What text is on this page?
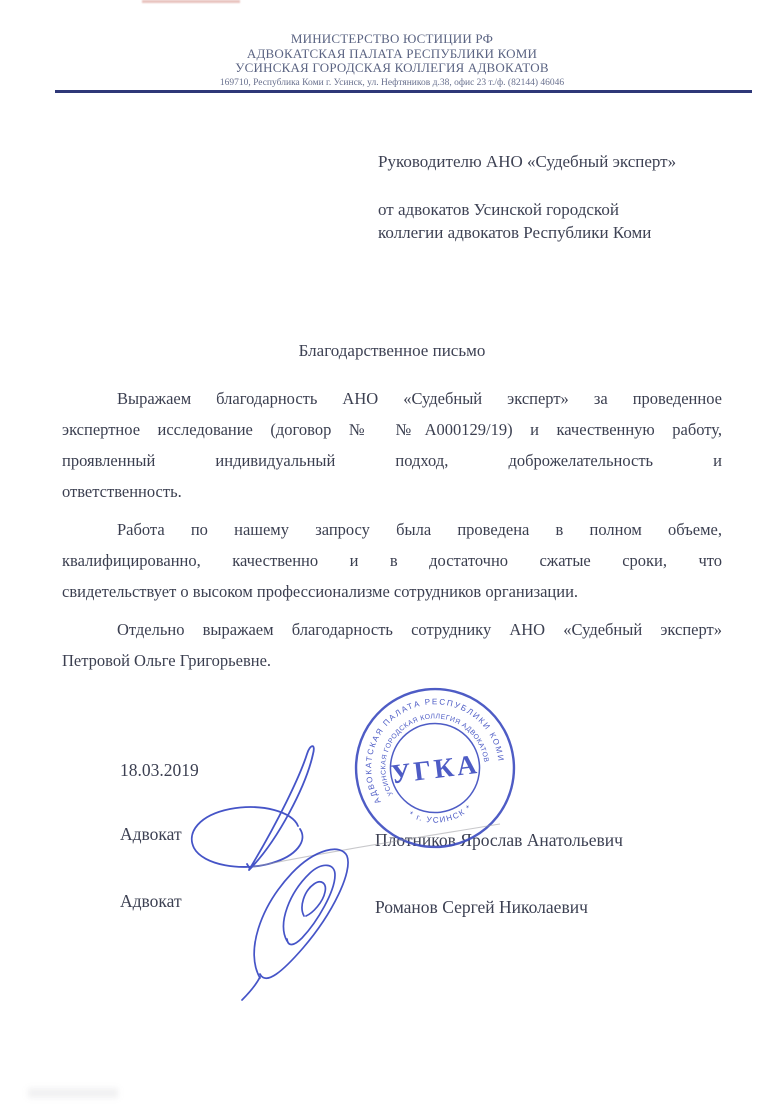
МИНИСТЕРСТВО ЮСТИЦИИ РФ
АДВОКАТСКАЯ ПАЛАТА РЕСПУБЛИКИ КОМИ
УСИНСКАЯ ГОРОДСКАЯ КОЛЛЕГИЯ АДВОКАТОВ
169710, Республика Коми г. Усинск, ул. Нефтяников д.38, офис 23 т./ф. (82144) 46046
Руководителю АНО «Судебный эксперт»
от адвокатов Усинской городской
коллегии адвокатов Республики Коми
Благодарственное письмо
Выражаем благодарность АНО «Судебный эксперт» за проведенное
экспертное исследование (договор № №А000129/19) и качественную работу,
проявленный индивидуальный подход, доброжелательность и
ответственность.
Работа по нашему запросу была проведена в полном объеме,
квалифицированно, качественно и в достаточно сжатые сроки, что
свидетельствует о высоком профессионализме сотрудников организации.
Отдельно выражаем благодарность сотруднику АНО «Судебный эксперт»
Петровой Ольге Григорьевне.
18.03.2019
Адвокат	Плотников Ярослав Анатольевич
Адвокат	Романов Сергей Николаевич
АДВОКАТСКАЯ ПАЛАТА РЕСПУБЛИКИ КОМИ
УСИНСКАЯ ГОРОДСКАЯ КОЛЛЕГИЯ АДВОКАТОВ
* г. УСИНСК *
УГКА
